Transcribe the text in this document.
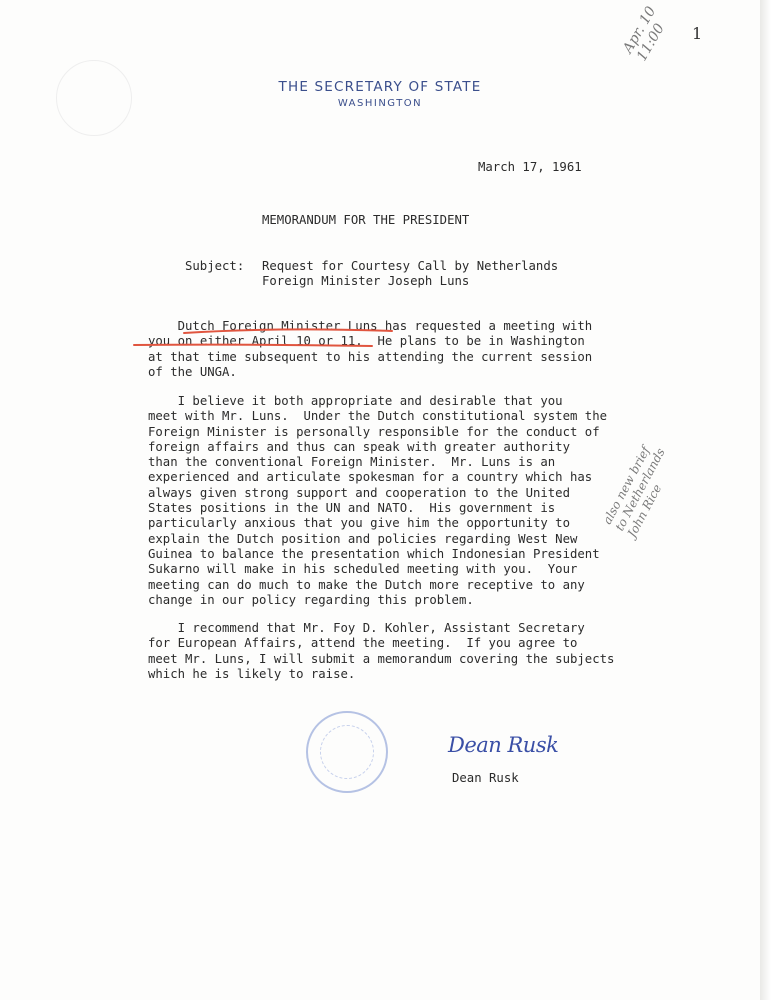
THE SECRETARY OF STATE
WASHINGTON
1
Apr. 10
11:00
March 17, 1961
MEMORANDUM FOR THE PRESIDENT
Subject: Request for Courtesy Call by Netherlands
Foreign Minister Joseph Luns
Dutch Foreign Minister Luns has requested a meeting with
you on either April 10 or 11.  He plans to be in Washington
at that time subsequent to his attending the current session
of the UNGA.
I believe it both appropriate and desirable that you
meet with Mr. Luns.  Under the Dutch constitutional system the
Foreign Minister is personally responsible for the conduct of
foreign affairs and thus can speak with greater authority
than the conventional Foreign Minister.  Mr. Luns is an
experienced and articulate spokesman for a country which has
always given strong support and cooperation to the United
States positions in the UN and NATO.  His government is
particularly anxious that you give him the opportunity to
explain the Dutch position and policies regarding West New
Guinea to balance the presentation which Indonesian President
Sukarno will make in his scheduled meeting with you.  Your
meeting can do much to make the Dutch more receptive to any
change in our policy regarding this problem.
I recommend that Mr. Foy D. Kohler, Assistant Secretary
for European Affairs, attend the meeting.  If you agree to
meet Mr. Luns, I will submit a memorandum covering the subjects
which he is likely to raise.
also new brief
to Netherlands
John Rice
Dean Rusk
Dean Rusk
